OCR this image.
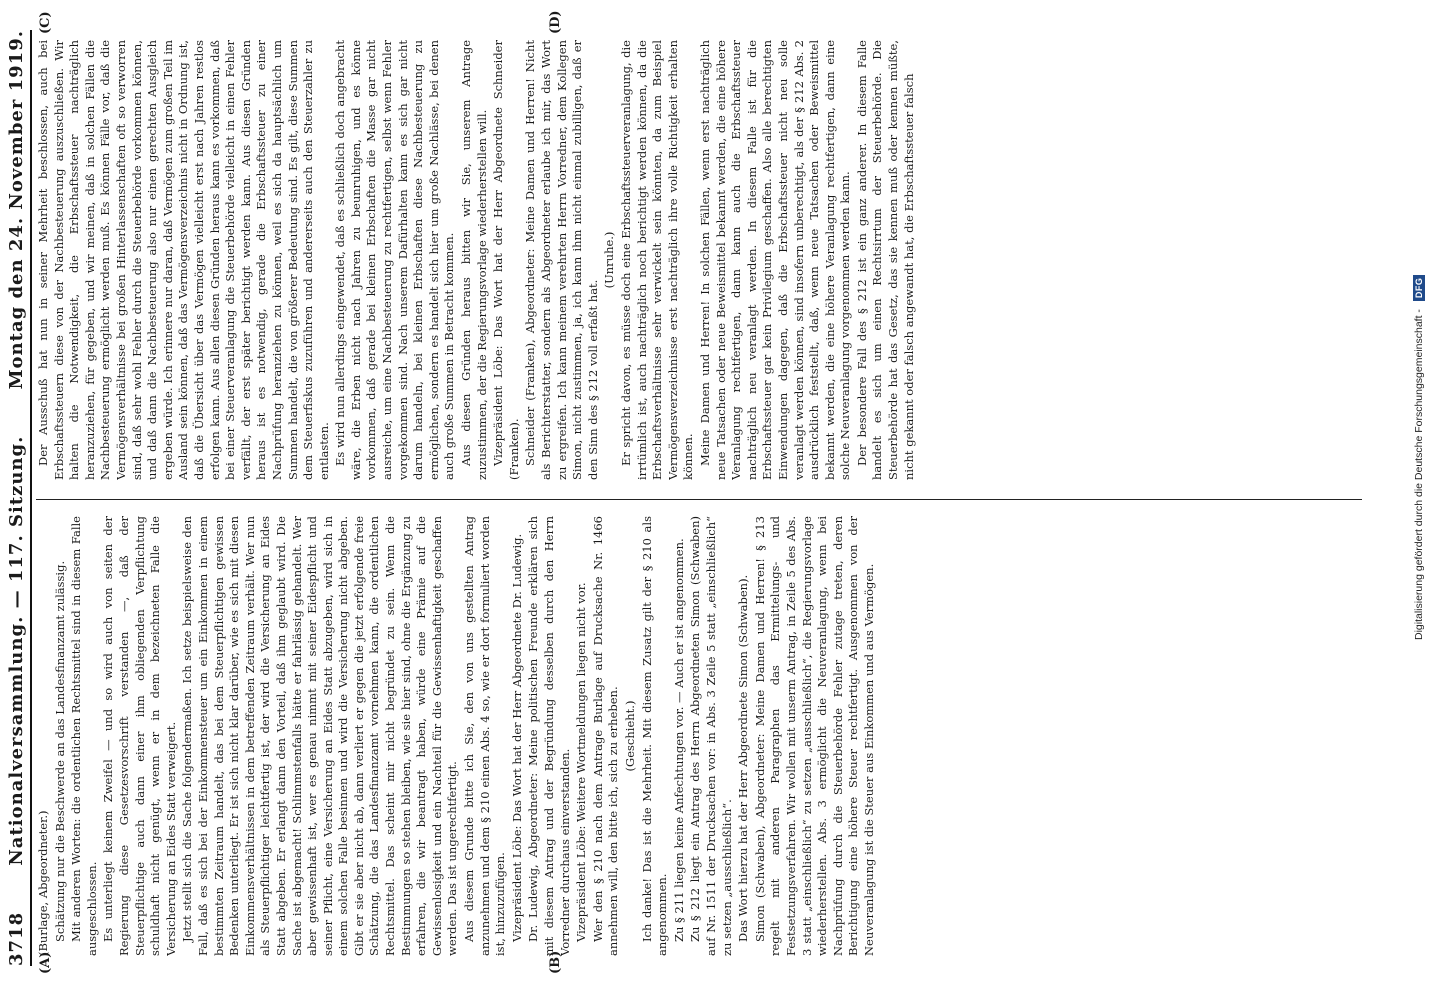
3718
Nationalversammlung. — 117. Sitzung.
Montag den 24. November 1919.
(A)	(B)
(C)	(D)

(Burlage, Abgeordneter.) Schätzung nur die Beschwerde an das Landesfinanzamt zulässig. Mit anderen Worten: die ordentlichen Rechtsmittel sind in diesem Falle ausgeschlossen. Es unterliegt keinem Zweifel — und so wird auch von seiten der Regierung diese Gesetzesvorschrift verstanden —, daß der Steuerpflichtige auch dann einer ihm obliegenden Verpflichtung schuldhaft nicht genügt, wenn er in dem bezeichneten Falle die Versicherung an Eides Statt verweigert. Jetzt stellt sich die Sache folgendermaßen. Ich setze beispielsweise den Fall, daß es sich bei der Einkommensteuer um ein Einkommen in einem bestimmten Zeitraum handelt, das bei dem Steuerpflichtigen gewissen Bedenken unterliegt. Er ist sich nicht klar darüber, wie es sich mit diesen Einkommensverhältnissen in dem betreffenden Zeitraum verhält. Wer nun als Steuerpflichtiger leichtfertig ist, der wird die Versicherung an Eides Statt abgeben. Er erlangt dann den Vorteil, daß ihm geglaubt wird. Die Sache ist abgemacht! Schlimmstenfalls hätte er fahrlässig gehandelt. Wer aber gewissenhaft ist, wer es genau nimmt mit seiner Eidespflicht und seiner Pflicht, eine Versicherung an Eides Statt abzugeben, wird sich in einem solchen Falle besinnen und wird die Versicherung nicht abgeben. Gibt er sie aber nicht ab, dann verliert er gegen die jetzt erfolgende freie Schätzung, die das Landesfinanzamt vornehmen kann, die ordentlichen Rechtsmittel. Das scheint mir nicht begründet zu sein. Wenn die Bestimmungen so stehen bleiben, wie sie hier sind, ohne die Ergänzung zu erfahren, die wir beantragt haben, würde eine Prämie auf die Gewissenlosigkeit und ein Nachteil für die Gewissenhaftigkeit geschaffen werden. Das ist ungerechtfertigt. Aus diesem Grunde bitte ich Sie, den von uns gestellten Antrag anzunehmen und dem § 210 einen Abs. 4 so, wie er dort formuliert worden ist, hinzuzufügen. Vizepräsident Löbe: Das Wort hat der Herr Abgeordnete Dr. Ludewig. Dr. Ludewig, Abgeordneter: Meine politischen Freunde erklären sich mit diesem Antrag und der Begründung desselben durch den Herrn Vorredner durchaus einverstanden. Vizepräsident Löbe: Weitere Wortmeldungen liegen nicht vor. Wer den § 210 nach dem Antrage Burlage auf Drucksache Nr. 1466 annehmen will, den bitte ich, sich zu erheben. (Geschieht.) Ich danke! Das ist die Mehrheit. Mit diesem Zusatz gilt der § 210 als angenommen. Zu § 211 liegen keine Anfechtungen vor. — Auch er ist angenommen. Zu § 212 liegt ein Antrag des Herrn Abgeordneten Simon (Schwaben) auf Nr. 1511 der Drucksachen vor: in Abs. 3 Zeile 5 statt „einschließlich“ zu setzen „ausschließlich“. Das Wort hierzu hat der Herr Abgeordnete Simon (Schwaben). Simon (Schwaben), Abgeordneter: Meine Damen und Herren! § 213 regelt mit anderen Paragraphen das Ermittelungs- und Festsetzungsverfahren. Wir wollen mit unserm Antrag, in Zeile 5 des Abs. 3 statt „einschließlich“ zu setzen „ausschließlich“, die Regierungsvorlage wiederherstellen. Abs. 3 ermöglicht die Neuveranlagung, wenn bei Nachprüfung durch die Steuerbehörde Fehler zutage treten, deren Berichtigung eine höhere Steuer rechtfertigt. Ausgenommen von der Neuveranlagung ist die Steuer aus Einkommen und aus Vermögen.

Der Ausschuß hat nun in seiner Mehrheit beschlossen, auch bei Erbschaftssteuern diese von der Nachbesteuerung auszuschließen. Wir halten die Notwendigkeit, die Erbschaftssteuer nachträglich heranzuziehen, für gegeben, und wir meinen, daß in solchen Fällen die Nachbesteuerung ermöglicht werden muß. Es können Fälle vor, daß die Vermögensverhältnisse bei großen Hinterlassenschaften oft so verworren sind, daß sehr wohl Fehler durch die Steuerbehörde vorkommen können, und daß dann die Nachbesteuerung also nur einen gerechten Ausgleich ergeben würde. Ich erinnere nur daran, daß Vermögen zum großen Teil im Ausland sein können, daß das Vermögensverzeichnis nicht in Ordnung ist, daß die Übersicht über das Vermögen vielleicht erst nach Jahren restlos erfolgen kann. Aus allen diesen Gründen heraus kann es vorkommen, daß bei einer Steuerveranlagung die Steuerbehörde vielleicht in einen Fehler verfällt, der erst später berichtigt werden kann. Aus diesen Gründen heraus ist es notwendig, gerade die Erbschaftssteuer zu einer Nachprüfung heranziehen zu können, weil es sich da hauptsächlich um Summen handelt, die von größerer Bedeutung sind. Es gilt, diese Summen dem Steuerfiskus zuzuführen und andererseits auch den Steuerzahler zu entlasten. Es wird nun allerdings eingewendet, daß es schließlich doch angebracht wäre, die Erben nicht nach Jahren zu beunruhigen, und es könne vorkommen, daß gerade bei kleinen Erbschaften die Masse gar nicht ausreiche, um eine Nachbesteuerung zu rechtfertigen, selbst wenn Fehler vorgekommen sind. Nach unserem Dafürhalten kann es sich gar nicht darum handeln, bei kleinen Erbschaften diese Nachbesteuerung zu ermöglichen, sondern es handelt sich hier um große Nachlässe, bei denen auch große Summen in Betracht kommen. Aus diesen Gründen heraus bitten wir Sie, unserem Antrage zuzustimmen, der die Regierungsvorlage wiederherstellen will. Vizepräsident Löbe: Das Wort hat der Herr Abgeordnete Schneider (Franken). Schneider (Franken), Abgeordneter: Meine Damen und Herren! Nicht als Berichterstatter, sondern als Abgeordneter erlaube ich mir, das Wort zu ergreifen. Ich kann meinem verehrten Herrn Vorredner, dem Kollegen Simon, nicht zustimmen, ja, ich kann ihm nicht einmal zubilligen, daß er den Sinn des § 212 voll erfaßt hat.

(Unruhe.) Er spricht davon, es müsse doch eine Erbschaftssteuerveranlagung, die irrtümlich ist, auch nachträglich noch berichtigt werden können, da die Erbschaftsverhältnisse sehr verwickelt sein könnten, da zum Beispiel Vermögensverzeichnisse erst nachträglich ihre volle Richtigkeit erhalten können. Meine Damen und Herren! In solchen Fällen, wenn erst nachträglich neue Tatsachen oder neue Beweismittel bekannt werden, die eine höhere Veranlagung rechtfertigen, dann kann auch die Erbschaftssteuer nachträglich neu veranlagt werden. In diesem Falle ist für die Erbschaftssteuer gar kein Privilegium geschaffen. Also alle berechtigten Einwendungen dagegen, daß die Erbschaftssteuer nicht neu solle veranlagt werden können, sind insofern unberechtigt, als der § 212 Abs. 2 ausdrücklich feststellt, daß, wenn neue Tatsachen oder Beweismittel bekannt werden, die eine höhere Veranlagung rechtfertigen, dann eine solche Neuveranlagung vorgenommen werden kann. Der besondere Fall des § 212 ist ein ganz anderer. In diesem Falle handelt es sich um einen Rechtsirrtum der Steuerbehörde. Die Steuerbehörde hat das Gesetz, das sie kennen muß oder kennen müßte, nicht gekannt oder falsch angewandt hat, die Erbschaftssteuer falsch	Digitalisierung gefördert durch die Deutsche Forschungsgemeinschaft -
DFG
